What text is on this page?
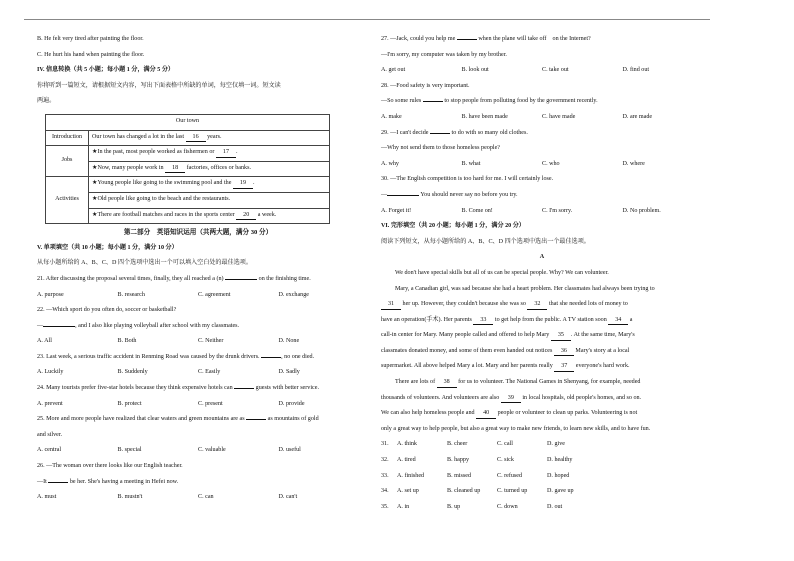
B. He felt very tired after painting the floor.
C. He hurt his hand when painting the floor.
IV. 信息转换（共 5 小题；每小题 1 分，满分 5 分）
你将听到一篇短文，请根据短文内容，写出下面表格中所缺的单词，每空仅填一词。短文读
两遍。
Our town	
Introduction	Our town has changed a lot in the last 16 years.
Jobs	★In the past, most people worked as fishermen or 17 .
	★Now, many people work in 18 factories, offices or banks.
Activities	★Young people like going to the swimming pool and the 19 .
	★Old people like going to the beach and the restaurants.
	★There are football matches and races in the sports center 20 a week.
第二部分　英语知识运用（共两大题，满分 30 分）
V. 单项填空（共 10 小题；每小题 1 分，满分 10 分）
从每小题所给的 A、B、C、D 四个选项中选出一个可以填入空白处的最佳选项。
21. After discussing the proposal several times, finally, they all reached a (n)	on the finishing time.
A. purpose	B. research	C. agreement	D. exchange
22. —Which sport do you often do, soccer or basketball?
—	, and I also like playing volleyball after school with my classmates.
A. All	B. Both	C. Neither	D. None
23. Last week, a serious traffic accident in Renming Road was caused by the drunk drivers.	, no one died.
A. Luckily	B. Suddenly	C. Easily	D. Sadly
24. Many tourists prefer five-star hotels because they think expensive hotels can	guests with better service.
A. prevent	B. protect	C. present	D. provide
25. More and more people have realized that clear waters and green mountains are as	as mountains of gold
and silver.
A. central	B. special	C. valuable	D. useful
26. —The woman over there looks like our English teacher.
—It	be her. She's having a meeting in Hefei now.
A. must	B. mustn't	C. can	D. can't
27. —Jack, could you help me	when the plane will take off　on the Internet?
—I'm sorry, my computer was taken by my brother.
A. get out	B. look out	C. take out	D. find out
28. —Food safety is very important.
—So some rules	to stop people from polluting food by the government recently.
A. make	B. have been made	C. have made	D. are made
29. —I can't decide	to do with so many old clothes.
—Why not send them to those homeless people?
A. why	B. what	C. who	D. where
30. —The English competition is too hard for me. I will certainly lose.
—	You should never say no before you try.
A. Forget it!	B. Come on!	C. I'm sorry.	D. No problem.
VI. 完形填空（共 20 小题；每小题 1 分，满分 20 分）
阅读下列短文，从每小题所给的 A、B、C、D 四个选项中选出一个最佳选项。
A
We don't have special skills but all of us can be special people. Why? We can volunteer.
Mary, a Canadian girl, was sad because she had a heart problem. Her classmates had always been trying to
31 her up. However, they couldn't because she was so 32 that she needed lots of money to
have an operation(手术). Her parents 33 to get help from the public. A TV station soon 34 a
call-in center for Mary. Many people called and offered to help Mary 35 . At the same time, Mary's
classmates donated money, and some of them even handed out notices 36 Mary's story at a local
supermarket. All above helped Mary a lot. Mary and her parents really 37 everyone's hard work.
There are lots of 38 for us to volunteer. The National Games in Shenyang, for example, needed
thousands of volunteers. And volunteers are also 39 in local hospitals, old people's homes, and so on.
We can also help homeless people and 40 people or volunteer to clean up parks. Volunteering is not
only a great way to help people, but also a great way to make new friends, to learn new skills, and to have fun.
31.	A. think	B. cheer	C. call	D. give
32.	A. tired	B. happy	C. sick	D. healthy
33.	A. finished	B. missed	C. refused	D. hoped
34.	A. set up	B. cleaned up	C. turned up	D. gave up
35.	A. in	B. up	C. down	D. out
